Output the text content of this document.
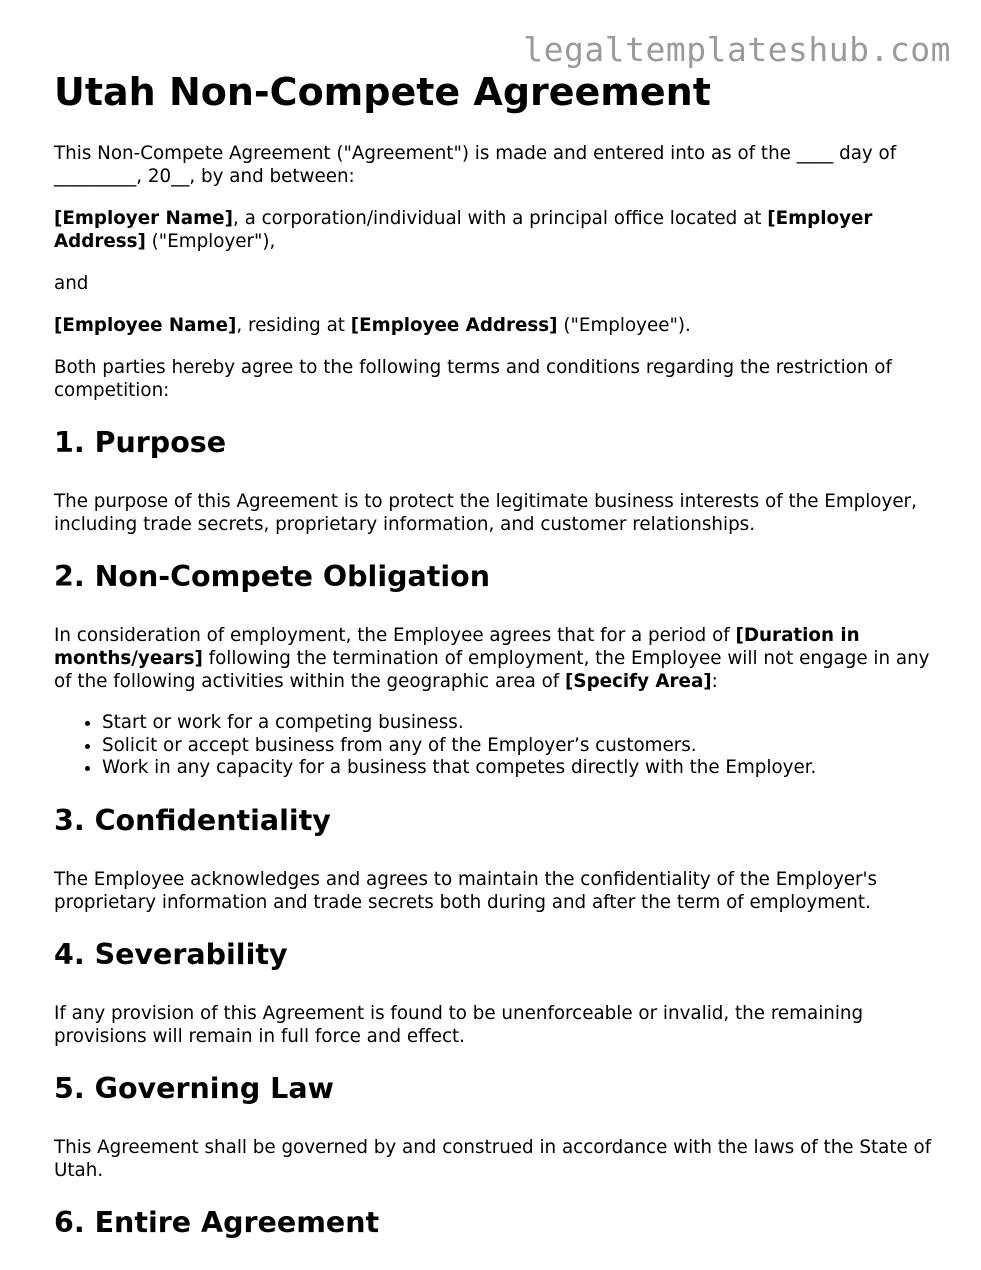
legaltemplateshub.com
Utah Non-Compete Agreement

This Non-Compete Agreement ("Agreement") is made and entered into as of the ____ day of _________, 20__, by and between:

[Employer Name], a corporation/individual with a principal office located at [Employer Address] ("Employer"),

and

[Employee Name], residing at [Employee Address] ("Employee").

Both parties hereby agree to the following terms and conditions regarding the restriction of competition:

1. Purpose

The purpose of this Agreement is to protect the legitimate business interests of the Employer, including trade secrets, proprietary information, and customer relationships.

2. Non-Compete Obligation

In consideration of employment, the Employee agrees that for a period of [Duration in months/years] following the termination of employment, the Employee will not engage in any of the following activities within the geographic area of [Specify Area]:

• Start or work for a competing business.
• Solicit or accept business from any of the Employer’s customers.
• Work in any capacity for a business that competes directly with the Employer.
3. Confidentiality

The Employee acknowledges and agrees to maintain the confidentiality of the Employer's proprietary information and trade secrets both during and after the term of employment.

4. Severability

If any provision of this Agreement is found to be unenforceable or invalid, the remaining provisions will remain in full force and effect.

5. Governing Law

This Agreement shall be governed by and construed in accordance with the laws of the State of Utah.

6. Entire Agreement
